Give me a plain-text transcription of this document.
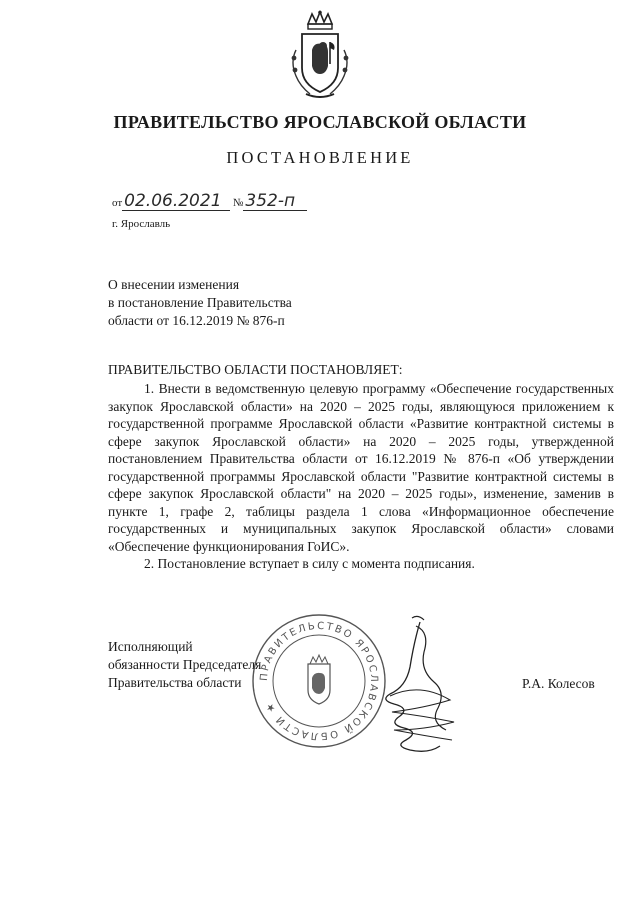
ПРАВИТЕЛЬСТВО ЯРОСЛАВСКОЙ ОБЛАСТИ
ПОСТАНОВЛЕНИЕ
от 02.06.2021 № 352-п
г. Ярославль
О внесении изменения
в постановление Правительства
области от 16.12.2019 № 876-п
ПРАВИТЕЛЬСТВО ОБЛАСТИ ПОСТАНОВЛЯЕТ:

1. Внести в ведомственную целевую программу «Обеспечение государственных закупок Ярославской области» на 2020 – 2025 годы, являющуюся приложением к государственной программе Ярославской области «Развитие контрактной системы в сфере закупок Ярославской области» на 2020 – 2025 годы, утвержденной постановлением Правительства области от 16.12.2019 № 876-п «Об утверждении государственной программы Ярославской области "Развитие контрактной системы в сфере закупок Ярославской области" на 2020 – 2025 годы», изменение, заменив в пункте 1, графе 2, таблицы раздела 1 слова «Информационное обеспечение государственных и муниципальных закупок Ярославской области» словами «Обеспечение функционирования ГоИС».

2. Постановление вступает в силу с момента подписания.

Исполняющий
обязанности Председателя
Правительства области	ПРАВИТЕЛЬСТВО ЯРОСЛАВСКОЙ ОБЛАСТИ ★
Р.А. Колесов
